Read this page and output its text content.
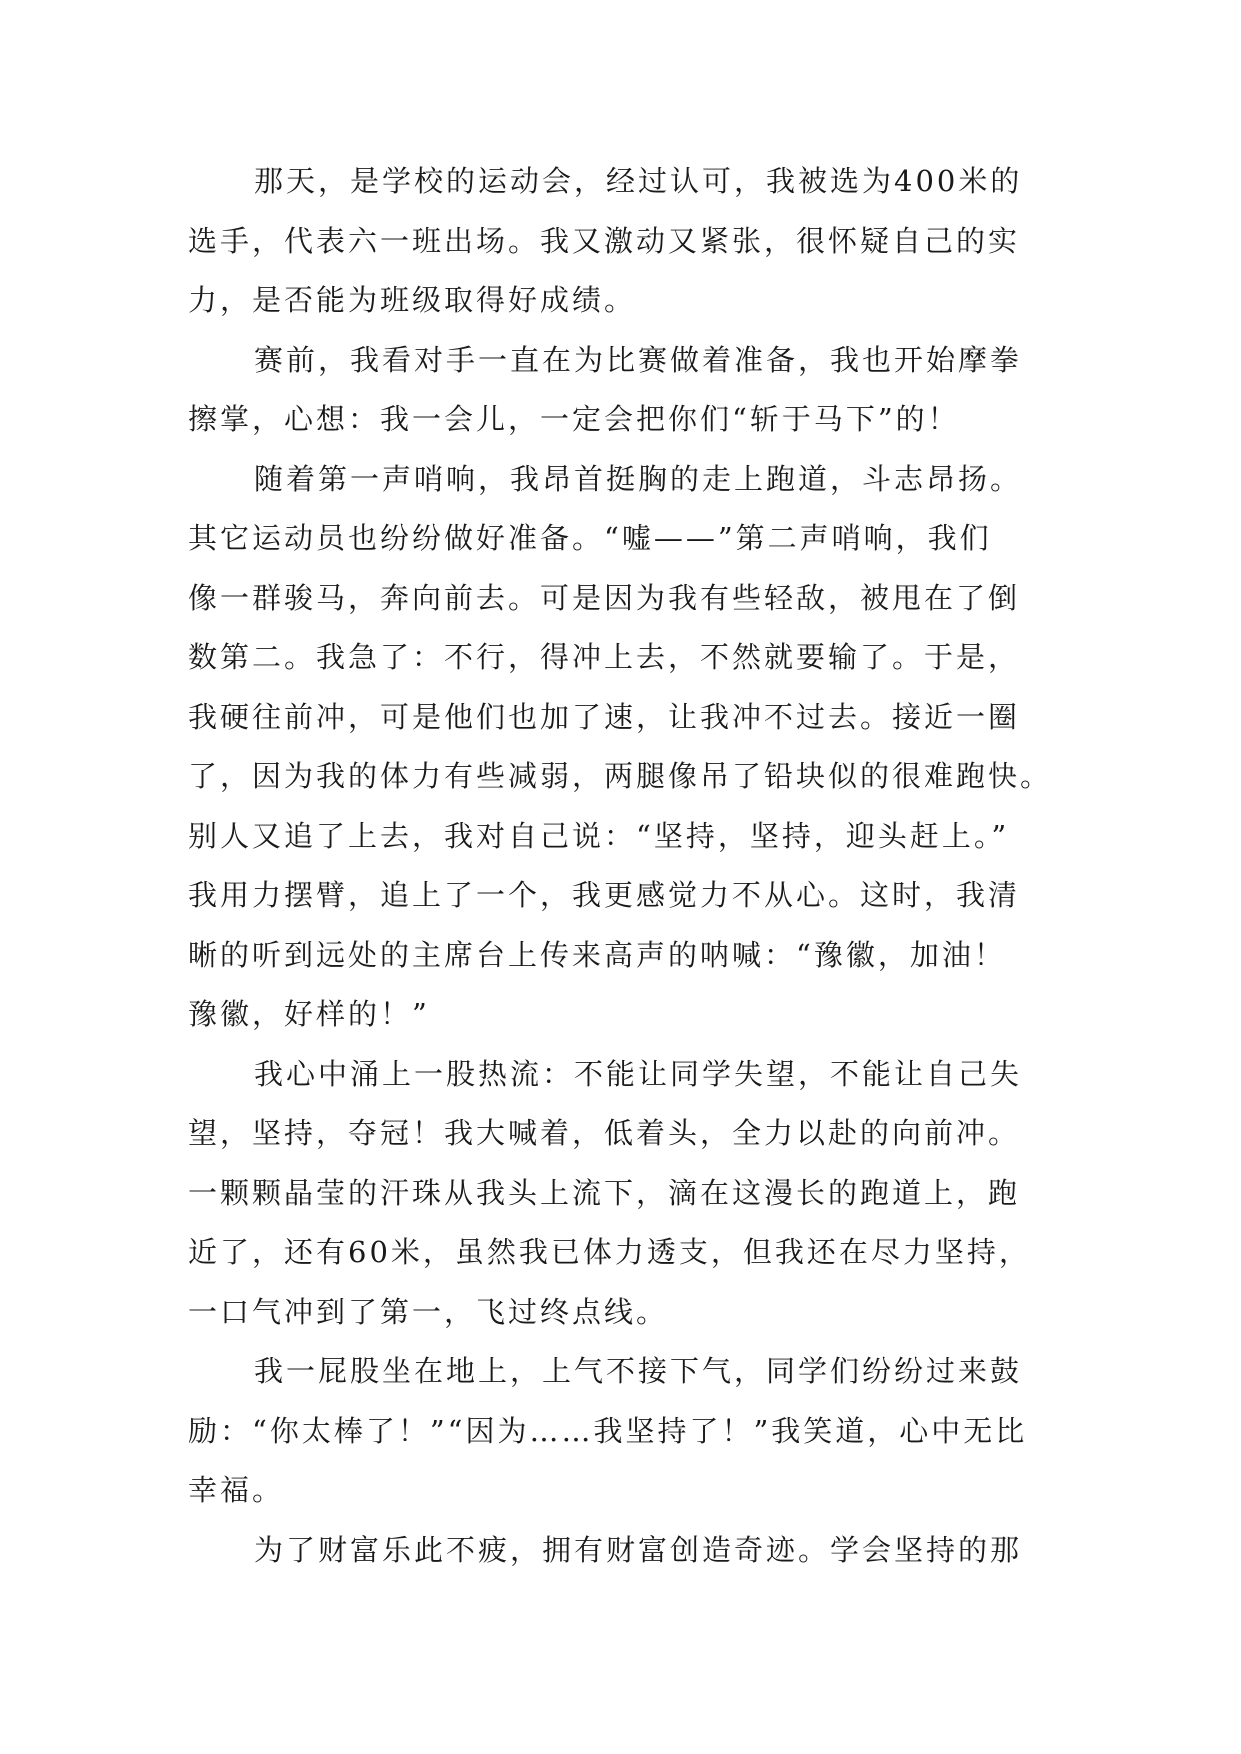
那天，是学校的运动会，经过认可，我被选为400米的
选手，代表六一班出场。我又激动又紧张，很怀疑自己的实
力，是否能为班级取得好成绩。

赛前，我看对手一直在为比赛做着准备，我也开始摩拳
擦掌，心想：我一会儿，一定会把你们“斩于马下”的！

随着第一声哨响，我昂首挺胸的走上跑道，斗志昂扬。
其它运动员也纷纷做好准备。“嘘——”第二声哨响，我们
像一群骏马，奔向前去。可是因为我有些轻敌，被甩在了倒
数第二。我急了：不行，得冲上去，不然就要输了。于是，
我硬往前冲，可是他们也加了速，让我冲不过去。接近一圈
了，因为我的体力有些减弱，两腿像吊了铅块似的很难跑快。
别人又追了上去，我对自己说：“坚持，坚持，迎头赶上。”
我用力摆臂，追上了一个，我更感觉力不从心。这时，我清
晰的听到远处的主席台上传来高声的呐喊：“豫徽，加油！
豫徽，好样的！”

我心中涌上一股热流：不能让同学失望，不能让自己失
望，坚持，夺冠！我大喊着，低着头，全力以赴的向前冲。
一颗颗晶莹的汗珠从我头上流下，滴在这漫长的跑道上，跑
近了，还有60米，虽然我已体力透支，但我还在尽力坚持，
一口气冲到了第一，飞过终点线。

我一屁股坐在地上，上气不接下气，同学们纷纷过来鼓
励：“你太棒了！”“因为……我坚持了！”我笑道，心中无比
幸福。

为了财富乐此不疲，拥有财富创造奇迹。学会坚持的那
